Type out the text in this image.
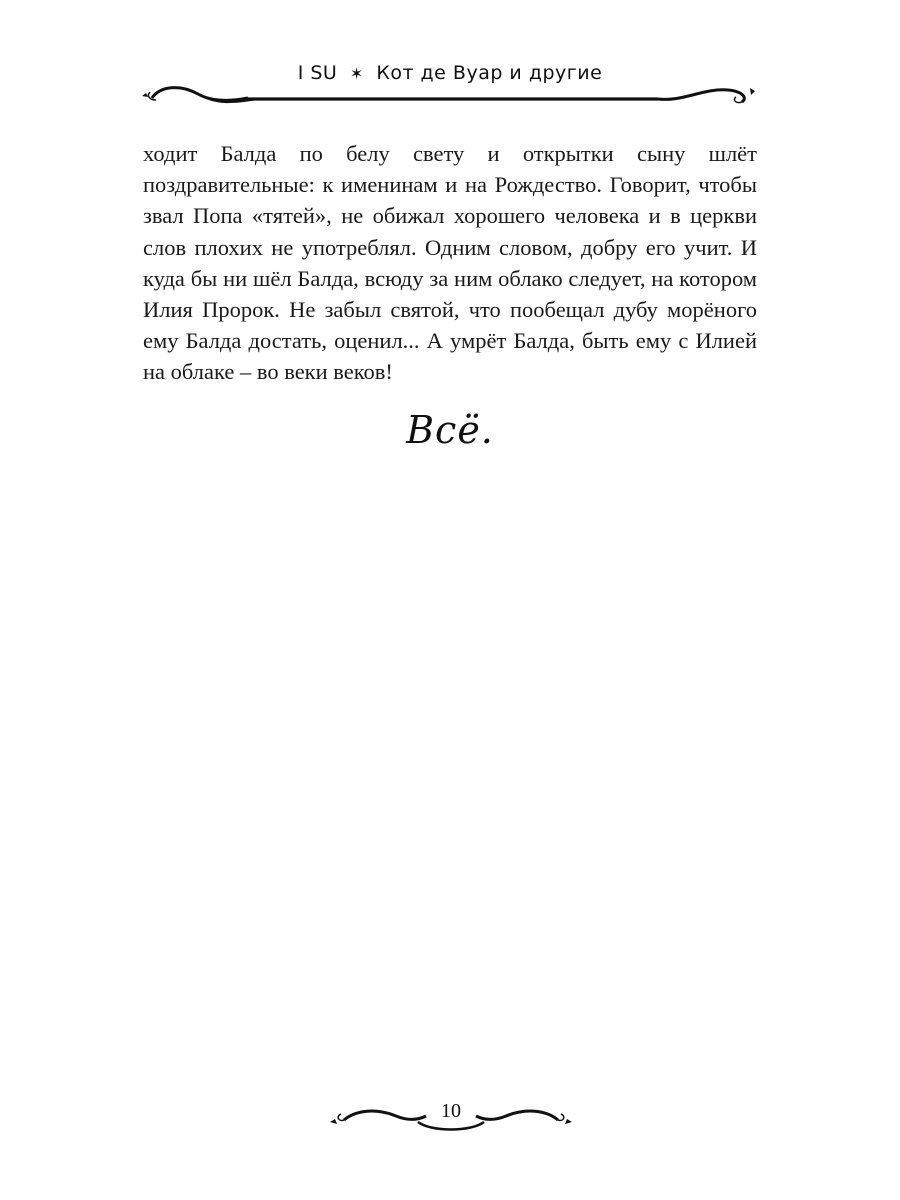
I SU ✶ Кот де Вуар и другие

ходит Балда по белу свету и открытки сыну шлёт поздравительные: к именинам и на Рождество. Говорит, чтобы звал Попа «тятей», не обижал хорошего человека и в церкви слов плохих не употреблял. Одним словом, добру его учит. И куда бы ни шёл Балда, всюду за ним облако следует, на котором Илия Пророк. Не забыл святой, что пообещал дубу морёного ему Балда достать, оценил... А умрёт Балда, быть ему с Илией на облаке – во веки веков!

Всё.
10
